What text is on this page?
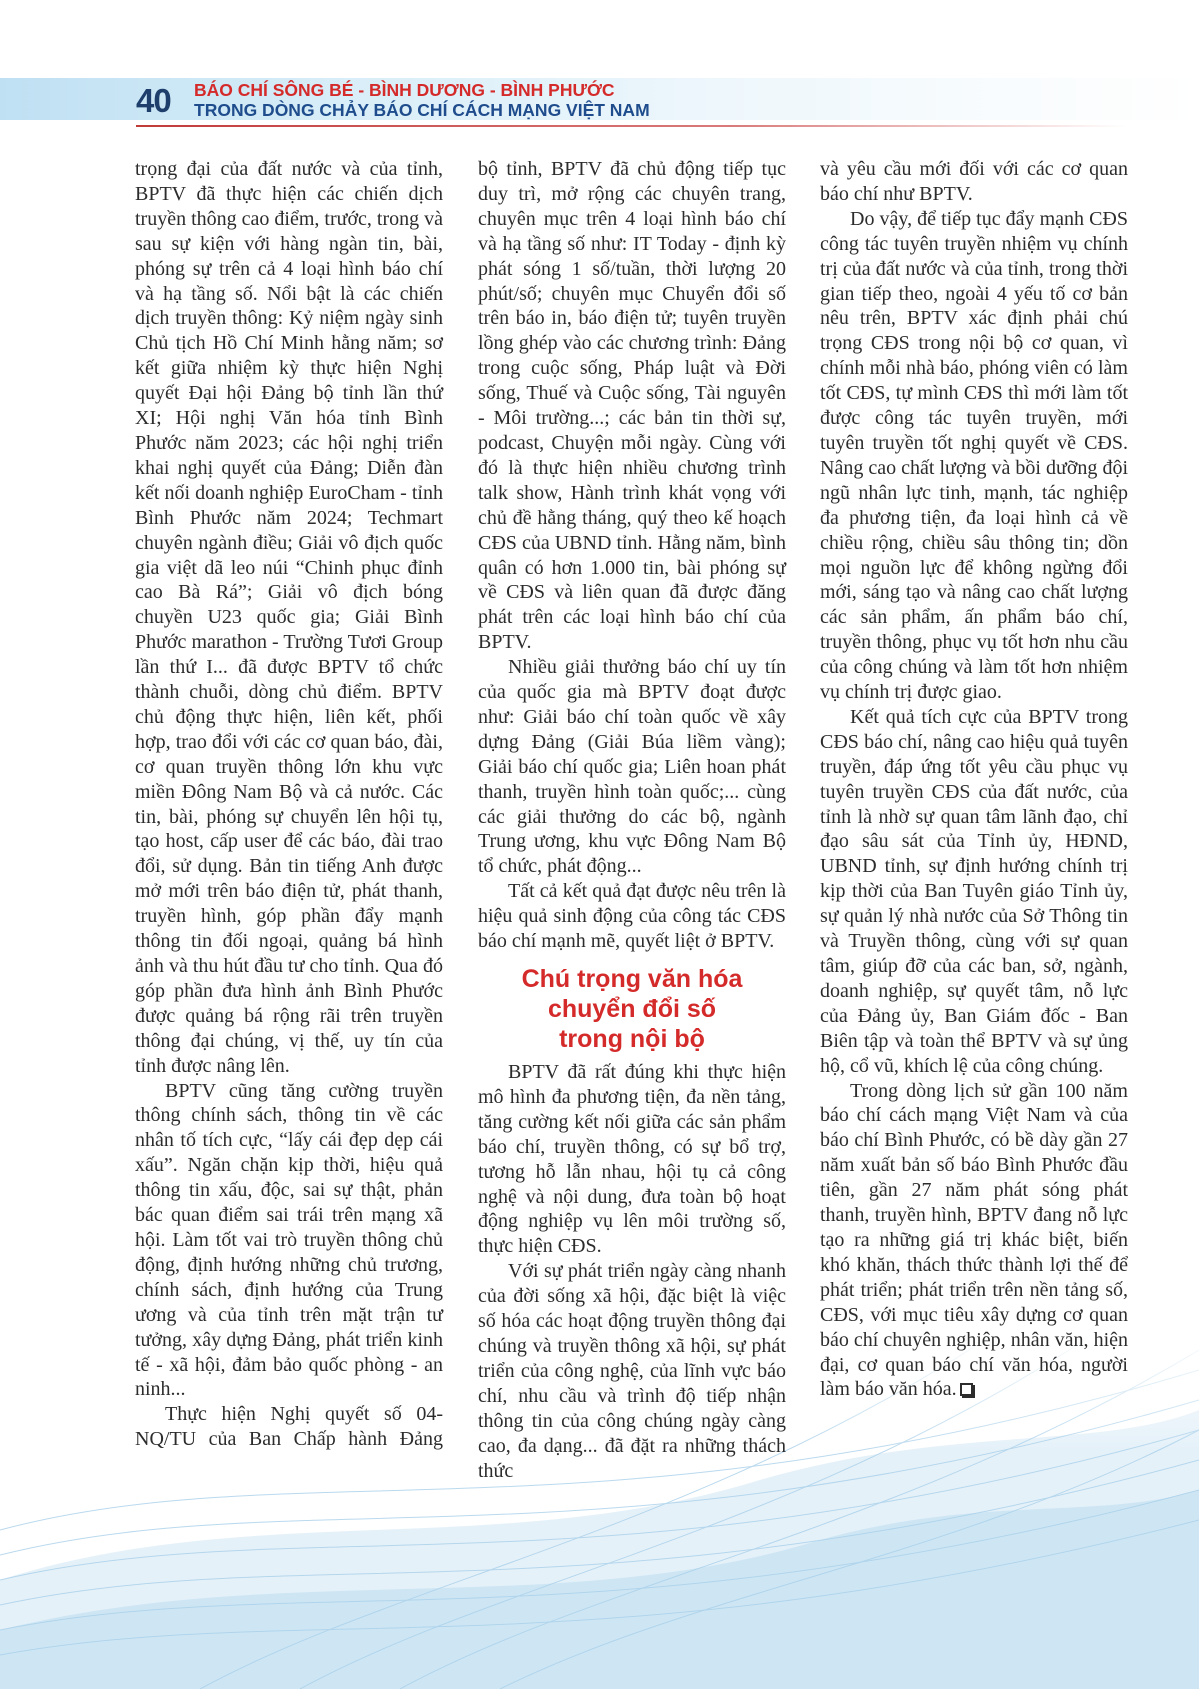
40 BÁO CHÍ SÔNG BÉ - BÌNH DƯƠNG - BÌNH PHƯỚC
TRONG DÒNG CHẢY BÁO CHÍ CÁCH MẠNG VIỆT NAM

trọng đại của đất nước và của tỉnh, BPTV đã thực hiện các chiến dịch truyền thông cao điểm, trước, trong và sau sự kiện với hàng ngàn tin, bài, phóng sự trên cả 4 loại hình báo chí và hạ tầng số. Nổi bật là các chiến dịch truyền thông: Kỷ niệm ngày sinh Chủ tịch Hồ Chí Minh hằng năm; sơ kết giữa nhiệm kỳ thực hiện Nghị quyết Đại hội Đảng bộ tỉnh lần thứ XI; Hội nghị Văn hóa tỉnh Bình Phước năm 2023; các hội nghị triển khai nghị quyết của Đảng; Diễn đàn kết nối doanh nghiệp EuroCham - tỉnh Bình Phước năm 2024; Techmart chuyên ngành điều; Giải vô địch quốc gia việt dã leo núi “Chinh phục đỉnh cao Bà Rá”; Giải vô địch bóng chuyền U23 quốc gia; Giải Bình Phước marathon - Trường Tươi Group lần thứ I... đã được BPTV tổ chức thành chuỗi, dòng chủ điểm. BPTV chủ động thực hiện, liên kết, phối hợp, trao đổi với các cơ quan báo, đài, cơ quan truyền thông lớn khu vực miền Đông Nam Bộ và cả nước. Các tin, bài, phóng sự chuyển lên hội tụ, tạo host, cấp user để các báo, đài trao đổi, sử dụng. Bản tin tiếng Anh được mở mới trên báo điện tử, phát thanh, truyền hình, góp phần đẩy mạnh thông tin đối ngoại, quảng bá hình ảnh và thu hút đầu tư cho tỉnh. Qua đó góp phần đưa hình ảnh Bình Phước được quảng bá rộng rãi trên truyền thông đại chúng, vị thế, uy tín của tỉnh được nâng lên.

BPTV cũng tăng cường truyền thông chính sách, thông tin về các nhân tố tích cực, “lấy cái đẹp dẹp cái xấu”. Ngăn chặn kịp thời, hiệu quả thông tin xấu, độc, sai sự thật, phản bác quan điểm sai trái trên mạng xã hội. Làm tốt vai trò truyền thông chủ động, định hướng những chủ trương, chính sách, định hướng của Trung ương và của tỉnh trên mặt trận tư tưởng, xây dựng Đảng, phát triển kinh tế - xã hội, đảm bảo quốc phòng - an ninh...

Thực hiện Nghị quyết số 04-NQ/TU của Ban Chấp hành Đảng

bộ tỉnh, BPTV đã chủ động tiếp tục duy trì, mở rộng các chuyên trang, chuyên mục trên 4 loại hình báo chí và hạ tầng số như: IT Today - định kỳ phát sóng 1 số/tuần, thời lượng 20 phút/số; chuyên mục Chuyển đổi số trên báo in, báo điện tử; tuyên truyền lồng ghép vào các chương trình: Đảng trong cuộc sống, Pháp luật và Đời sống, Thuế và Cuộc sống, Tài nguyên - Môi trường...; các bản tin thời sự, podcast, Chuyện mỗi ngày. Cùng với đó là thực hiện nhiều chương trình talk show, Hành trình khát vọng với chủ đề hằng tháng, quý theo kế hoạch CĐS của UBND tỉnh. Hằng năm, bình quân có hơn 1.000 tin, bài phóng sự về CĐS và liên quan đã được đăng phát trên các loại hình báo chí của BPTV.

Nhiều giải thưởng báo chí uy tín của quốc gia mà BPTV đoạt được như: Giải báo chí toàn quốc về xây dựng Đảng (Giải Búa liềm vàng); Giải báo chí quốc gia; Liên hoan phát thanh, truyền hình toàn quốc;... cùng các giải thưởng do các bộ, ngành Trung ương, khu vực Đông Nam Bộ tổ chức, phát động...

Tất cả kết quả đạt được nêu trên là hiệu quả sinh động của công tác CĐS báo chí mạnh mẽ, quyết liệt ở BPTV.

Chú trọng văn hóa
chuyển đổi số
trong nội bộ

BPTV đã rất đúng khi thực hiện mô hình đa phương tiện, đa nền tảng, tăng cường kết nối giữa các sản phẩm báo chí, truyền thông, có sự bổ trợ, tương hỗ lẫn nhau, hội tụ cả công nghệ và nội dung, đưa toàn bộ hoạt động nghiệp vụ lên môi trường số, thực hiện CĐS.

Với sự phát triển ngày càng nhanh của đời sống xã hội, đặc biệt là việc số hóa các hoạt động truyền thông đại chúng và truyền thông xã hội, sự phát triển của công nghệ, của lĩnh vực báo chí, nhu cầu và trình độ tiếp nhận thông tin của công chúng ngày càng cao, đa dạng... đã đặt ra những thách thức

và yêu cầu mới đối với các cơ quan báo chí như BPTV.

Do vậy, để tiếp tục đẩy mạnh CĐS công tác tuyên truyền nhiệm vụ chính trị của đất nước và của tỉnh, trong thời gian tiếp theo, ngoài 4 yếu tố cơ bản nêu trên, BPTV xác định phải chú trọng CĐS trong nội bộ cơ quan, vì chính mỗi nhà báo, phóng viên có làm tốt CĐS, tự mình CĐS thì mới làm tốt được công tác tuyên truyền, mới tuyên truyền tốt nghị quyết về CĐS. Nâng cao chất lượng và bồi dưỡng đội ngũ nhân lực tinh, mạnh, tác nghiệp đa phương tiện, đa loại hình cả về chiều rộng, chiều sâu thông tin; dồn mọi nguồn lực để không ngừng đổi mới, sáng tạo và nâng cao chất lượng các sản phẩm, ấn phẩm báo chí, truyền thông, phục vụ tốt hơn nhu cầu của công chúng và làm tốt hơn nhiệm vụ chính trị được giao.

Kết quả tích cực của BPTV trong CĐS báo chí, nâng cao hiệu quả tuyên truyền, đáp ứng tốt yêu cầu phục vụ tuyên truyền CĐS của đất nước, của tỉnh là nhờ sự quan tâm lãnh đạo, chỉ đạo sâu sát của Tỉnh ủy, HĐND, UBND tỉnh, sự định hướng chính trị kịp thời của Ban Tuyên giáo Tỉnh ủy, sự quản lý nhà nước của Sở Thông tin và Truyền thông, cùng với sự quan tâm, giúp đỡ của các ban, sở, ngành, doanh nghiệp, sự quyết tâm, nỗ lực của Đảng ủy, Ban Giám đốc - Ban Biên tập và toàn thể BPTV và sự ủng hộ, cổ vũ, khích lệ của công chúng.

Trong dòng lịch sử gần 100 năm báo chí cách mạng Việt Nam và của báo chí Bình Phước, có bề dày gần 27 năm xuất bản số báo Bình Phước đầu tiên, gần 27 năm phát sóng phát thanh, truyền hình, BPTV đang nỗ lực tạo ra những giá trị khác biệt, biến khó khăn, thách thức thành lợi thế để phát triển; phát triển trên nền tảng số, CĐS, với mục tiêu xây dựng cơ quan báo chí chuyên nghiệp, nhân văn, hiện đại, cơ quan báo chí văn hóa, người làm báo văn hóa.
